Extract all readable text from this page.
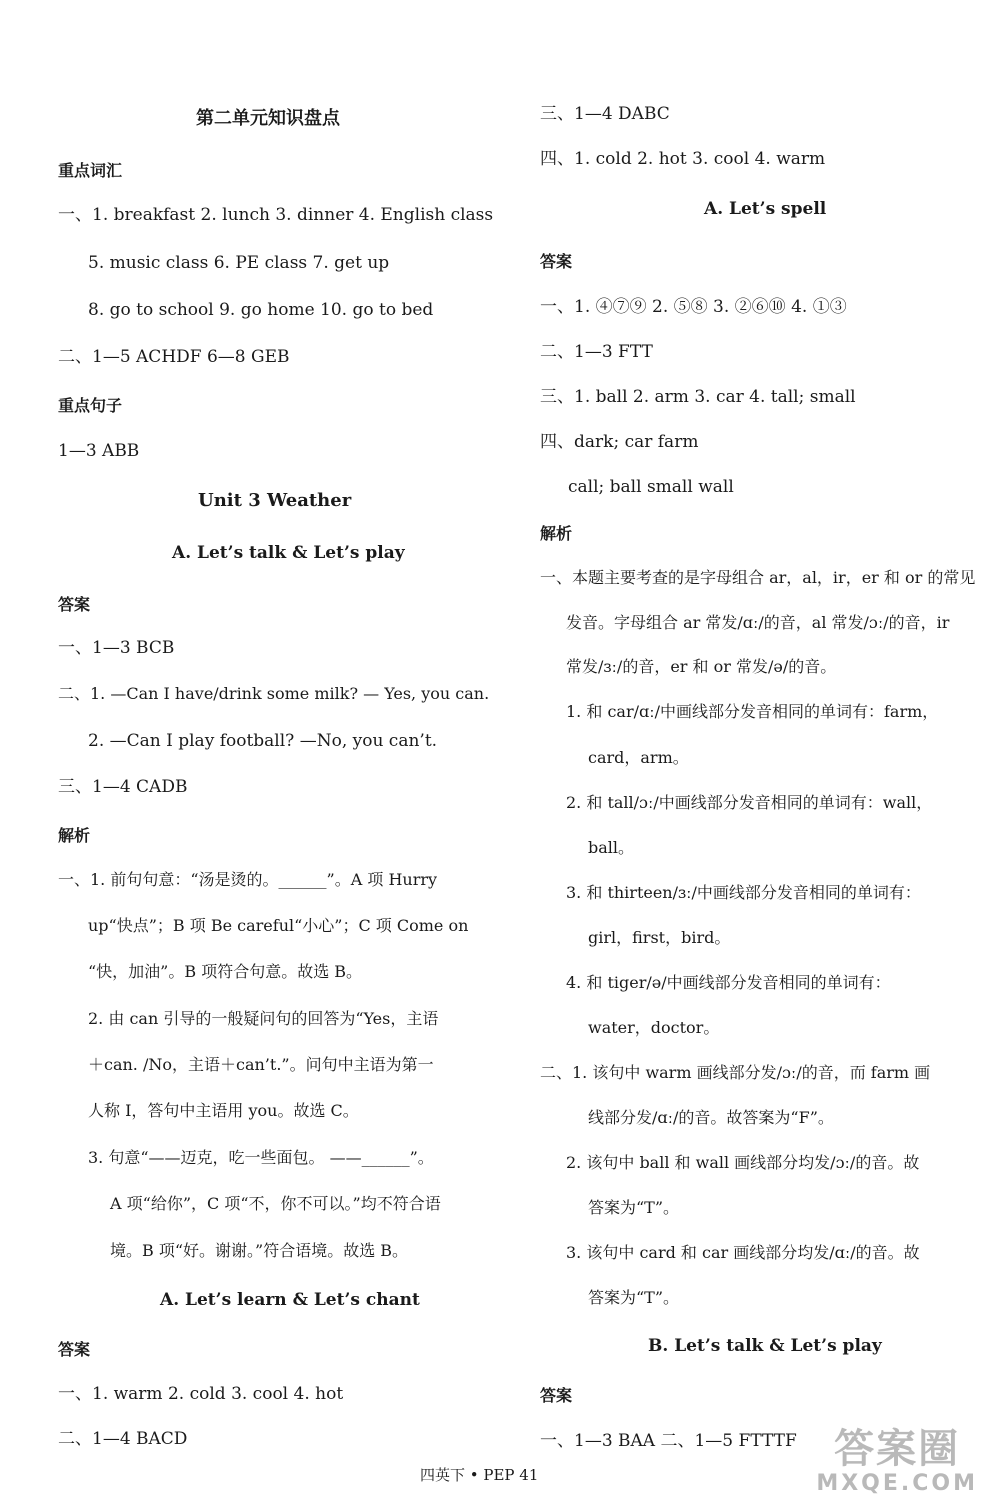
第二单元知识盘点
重点词汇
一、1. breakfast 2. lunch 3. dinner 4. English class
5. music class 6. PE class 7. get up
8. go to school 9. go home 10. go to bed
二、1—5 ACHDF 6—8 GEB
重点句子
1—3 ABB
Unit 3 Weather
A. Let’s talk & Let’s play
答案
一、1—3 BCB
二、1. —Can I have/drink some milk? — Yes, you can.
2. —Can I play football? —No, you can’t.
三、1—4 CADB
解析
一、1. 前句句意：“汤是烫的。______”。A 项 Hurry
up“快点”；B 项 Be careful“小心”；C 项 Come on
“快，加油”。B 项符合句意。故选 B。
2. 由 can 引导的一般疑问句的回答为“Yes，主语
＋can. /No，主语＋can’t.”。问句中主语为第一
人称 I，答句中主语用 you。故选 C。
3. 句意“——迈克，吃一些面包。 ——______”。
A 项“给你”，C 项“不，你不可以。”均不符合语
境。B 项“好。谢谢。”符合语境。故选 B。
A. Let’s learn & Let’s chant
答案
一、1. warm 2. cold 3. cool 4. hot
二、1—4 BACD
三、1—4 DABC
四、1. cold 2. hot 3. cool 4. warm
A. Let’s spell
答案
一、1. ④⑦⑨ 2. ⑤⑧ 3. ②⑥⑩ 4. ①③
二、1—3 FTT
三、1. ball 2. arm 3. car 4. tall; small
四、dark; car farm
call; ball small wall
解析
一、本题主要考查的是字母组合 ar，al，ir，er 和 or 的常见
发音。字母组合 ar 常发/ɑː/的音，al 常发/ɔː/的音，ir
常发/ɜː/的音，er 和 or 常发/ə/的音。
1. 和 car/ɑː/中画线部分发音相同的单词有：farm，
card，arm。
2. 和 tall/ɔː/中画线部分发音相同的单词有：wall，
ball。
3. 和 thirteen/ɜː/中画线部分发音相同的单词有：
girl，first，bird。
4. 和 tiger/ə/中画线部分发音相同的单词有：
water，doctor。
二、1. 该句中 warm 画线部分发/ɔː/的音，而 farm 画
线部分发/ɑː/的音。故答案为“F”。
2. 该句中 ball 和 wall 画线部分均发/ɔː/的音。故
答案为“T”。
3. 该句中 card 和 car 画线部分均发/ɑː/的音。故
答案为“T”。
B. Let’s talk & Let’s play
答案
一、1—3 BAA 二、1—5 FTTTF
四英下 • PEP 41
答案圈
MXQE.COM
